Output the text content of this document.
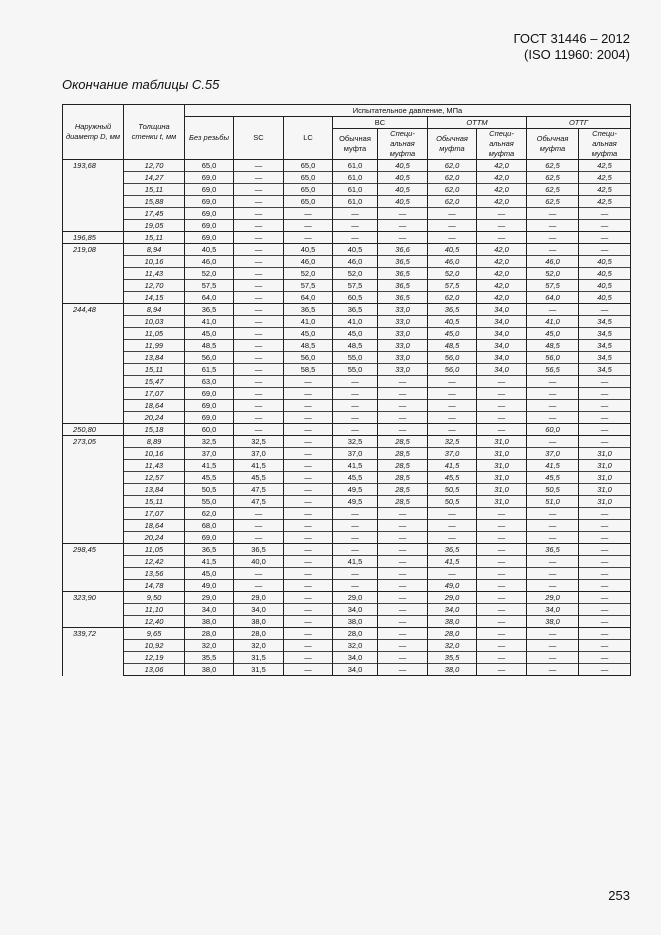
ГОСТ 31446 – 2012
(ISO 11960: 2004)
Окончание таблицы С.55
Наружный диаметр D, мм	Толщина стенки t, мм	Испытательное давление, МПа								
		Без резьбы	SC	LC	BC		ОТТМ		ОТТГ	
					Обычная муфта	Специ-альная муфта	Обычная муфта	Специ-альная муфта	Обычная муфта	Специ-альная муфта
193,68	12,70	65,0	—	65,0	61,0	40,5	62,0	42,0	62,5	42,5
	14,27	69,0	—	65,0	61,0	40,5	62,0	42,0	62,5	42,5
	15,11	69,0	—	65,0	61,0	40,5	62,0	42,0	62,5	42,5
	15,88	69,0	—	65,0	61,0	40,5	62,0	42,0	62,5	42,5
	17,45	69,0	—	—	—	—	—	—	—	—
	19,05	69,0	—	—	—	—	—	—	—	—
196,85	15,11	69,0	—	—	—	—	—	—	—	—
219,08	8,94	40,5	—	40,5	40,5	36,6	40,5	42,0	—	—
	10,16	46,0	—	46,0	46,0	36,5	46,0	42,0	46,0	40,5
	11,43	52,0	—	52,0	52,0	36,5	52,0	42,0	52,0	40,5
	12,70	57,5	—	57,5	57,5	36,5	57,5	42,0	57,5	40,5
	14,15	64,0	—	64,0	60,5	36,5	62,0	42,0	64,0	40,5
244,48	8,94	36,5	—	36,5	36,5	33,0	36,5	34,0	—	—
	10,03	41,0	—	41,0	41,0	33,0	40,5	34,0	41,0	34,5
	11,05	45,0	—	45,0	45,0	33,0	45,0	34,0	45,0	34,5
	11,99	48,5	—	48,5	48,5	33,0	48,5	34,0	48,5	34,5
	13,84	56,0	—	56,0	55,0	33,0	56,0	34,0	56,0	34,5
	15,11	61,5	—	58,5	55,0	33,0	56,0	34,0	56,5	34,5
	15,47	63,0	—	—	—	—	—	—	—	—
	17,07	69,0	—	—	—	—	—	—	—	—
	18,64	69,0	—	—	—	—	—	—	—	—
	20,24	69,0	—	—	—	—	—	—	—	—
250,80	15,18	60,0	—	—	—	—	—	—	60,0	—
273,05	8,89	32,5	32,5	—	32,5	28,5	32,5	31,0	—	—
	10,16	37,0	37,0	—	37,0	28,5	37,0	31,0	37,0	31,0
	11,43	41,5	41,5	—	41,5	28,5	41,5	31,0	41,5	31,0
	12,57	45,5	45,5	—	45,5	28,5	45,5	31,0	45,5	31,0
	13,84	50,5	47,5	—	49,5	28,5	50,5	31,0	50,5	31,0
	15,11	55,0	47,5	—	49,5	28,5	50,5	31,0	51,0	31,0
	17,07	62,0	—	—	—	—	—	—	—	—
	18,64	68,0	—	—	—	—	—	—	—	—
	20,24	69,0	—	—	—	—	—	—	—	—
298,45	11,05	36,5	36,5	—	—	—	36,5	—	36,5	—
	12,42	41,5	40,0	—	41,5	—	41,5	—	—	—
	13,56	45,0	—	—	—	—	—	—	—	—
	14,78	49,0	—	—	—	—	49,0	—	—	—
323,90	9,50	29,0	29,0	—	29,0	—	29,0	—	29,0	—
	11,10	34,0	34,0	—	34,0	—	34,0	—	34,0	—
	12,40	38,0	38,0	—	38,0	—	38,0	—	38,0	—
339,72	9,65	28,0	28,0	—	28,0	—	28,0	—	—	—
	10,92	32,0	32,0	—	32,0	—	32,0	—	—	—
	12,19	35,5	31,5	—	34,0	—	35,5	—	—	—
	13,06	38,0	31,5	—	34,0	—	38,0	—	—	—
253
